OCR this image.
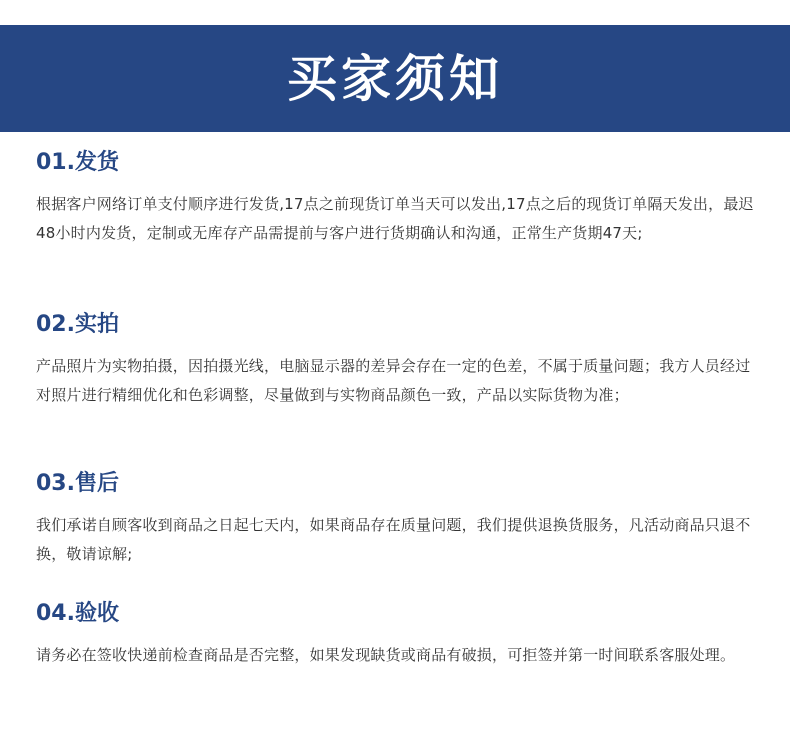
买家须知
01.发货

根据客户网络订单支付顺序进行发货,17点之前现货订单当天可以发出,17点之后的现货订单隔天发出，最迟48小时内发货，定制或无库存产品需提前与客户进行货期确认和沟通，正常生产货期47天;

02.实拍

产品照片为实物拍摄，因拍摄光线，电脑显示器的差异会存在一定的色差，不属于质量问题；我方人员经过对照片进行精细优化和色彩调整，尽量做到与实物商品颜色一致，产品以实际货物为准；

03.售后

我们承诺自顾客收到商品之日起七天内，如果商品存在质量问题，我们提供退换货服务，凡活动商品只退不换，敬请谅解;

04.验收

请务必在签收快递前检查商品是否完整，如果发现缺货或商品有破损，可拒签并第一时间联系客服处理。
